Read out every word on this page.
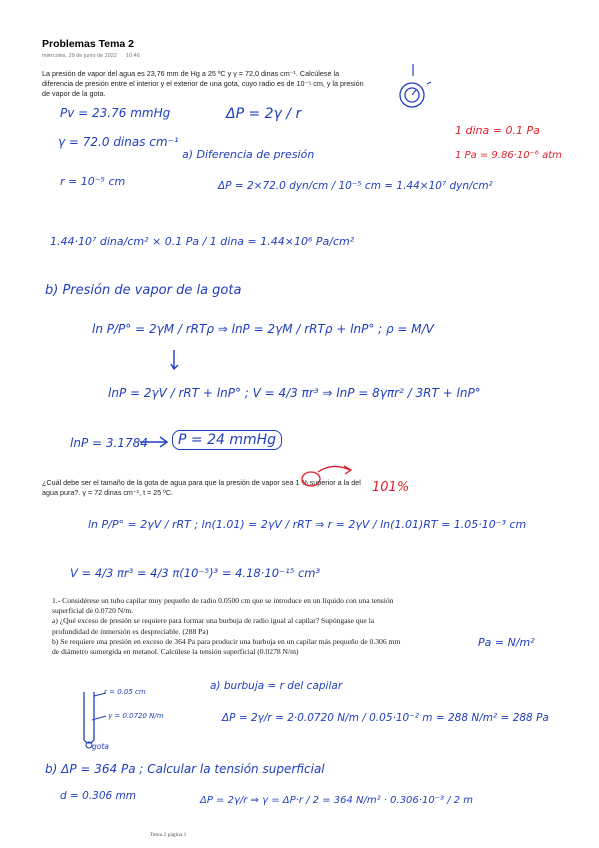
Problemas Tema 2
miércoles, 29 de junio de 2022 10:46
La presión de vapor del agua es 23,76 mm de Hg a 25 ºC y γ = 72,0 dinas cm⁻¹. Calcúlese la diferencia de presión entre el interior y el exterior de una gota, cuyo radio es de 10⁻⁵ cm, y la presión de vapor de la gota.
1 dina = 0.1 Pa
1 Pa = 9.86·10⁻⁶ atm
Pv = 23.76 mmHg
γ = 72.0 dinas cm⁻¹
r = 10⁻⁵ cm
ΔP = 2γ / r
a) Diferencia de presión
ΔP = 2×72.0 dyn/cm / 10⁻⁵ cm = 1.44×10⁷ dyn/cm²
1.44·10⁷ dina/cm² × 0.1 Pa / 1 dina = 1.44×10⁶ Pa/cm²
b) Presión de vapor de la gota
ln P/P° = 2γM / rRTρ ⇒ lnP = 2γM / rRTρ + lnP° ; ρ = M/V
lnP = 2γV / rRT + lnP° ; V = 4/3 πr³ ⇒ lnP = 8γπr² / 3RT + lnP°
lnP = 3.1784	P = 24 mmHg
¿Cuál debe ser el tamaño de la gota de agua para que la presión de vapor sea 1 % superior a la del agua pura?. γ = 72 dinas cm⁻¹, t = 25 ºC.	101%
ln P/P° = 2γV / rRT ; ln(1.01) = 2γV / rRT ⇒ r = 2γV / ln(1.01)RT = 1.05·10⁻³ cm
V = 4/3 πr³ = 4/3 π(10⁻⁵)³ = 4.18·10⁻¹⁵ cm³
1.- Considérese un tubo capilar muy pequeño de radio 0.0500 cm que se introduce en un líquido con una tensión superficial de 0.0720 N/m.
a) ¿Qué exceso de presión se requiere para formar una burbuja de radio igual al capilar? Supóngase que la profundidad de inmersión es despreciable. (288 Pa)
b) Se requiere una presión en exceso de 364 Pa para producir una burbuja en un capilar más pequeño de 0.306 mm de diámetro sumergida en metanol. Calcúlese la tensión superficial (0.0278 N/m)
Pa = N/m²
r = 0.05 cm
γ = 0.0720 N/m
gota
a) burbuja = r del capilar
ΔP = 2γ/r = 2·0.0720 N/m / 0.05·10⁻² m = 288 N/m² = 288 Pa
b) ΔP = 364 Pa ; Calcular la tensión superficial
d = 0.306 mm	ΔP = 2γ/r ⇒ γ = ΔP·r / 2 = 364 N/m² · 0.306·10⁻³ / 2 m
Tema 2 página 1
